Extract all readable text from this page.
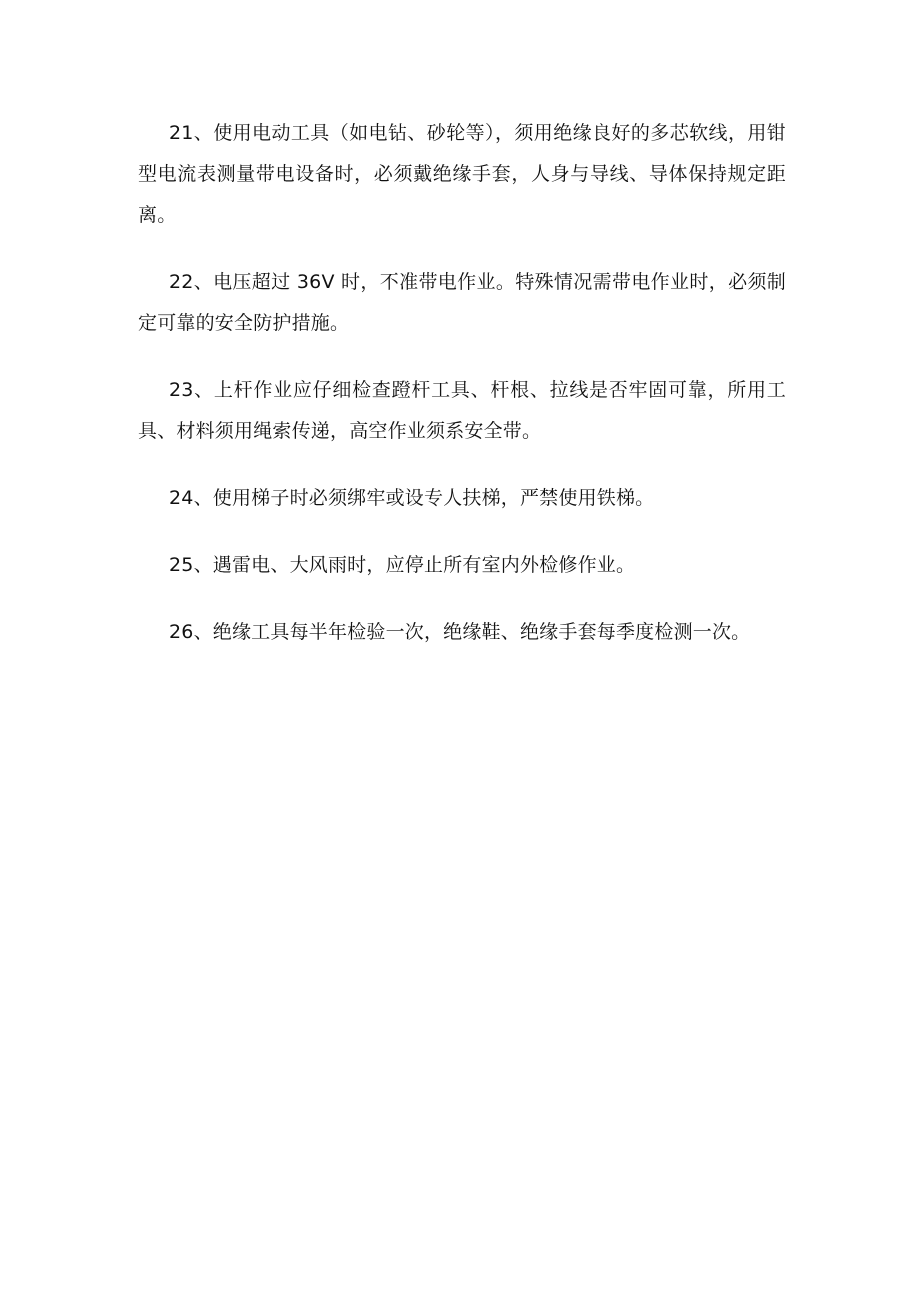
21、使用电动工具（如电钻、砂轮等），须用绝缘良好的多芯软线，用钳型电流表测量带电设备时，必须戴绝缘手套，人身与导线、导体保持规定距离。

22、电压超过 36V 时，不准带电作业。特殊情况需带电作业时，必须制定可靠的安全防护措施。

23、上杆作业应仔细检查蹬杆工具、杆根、拉线是否牢固可靠，所用工具、材料须用绳索传递，高空作业须系安全带。

24、使用梯子时必须绑牢或设专人扶梯，严禁使用铁梯。

25、遇雷电、大风雨时，应停止所有室内外检修作业。

26、绝缘工具每半年检验一次，绝缘鞋、绝缘手套每季度检测一次。
